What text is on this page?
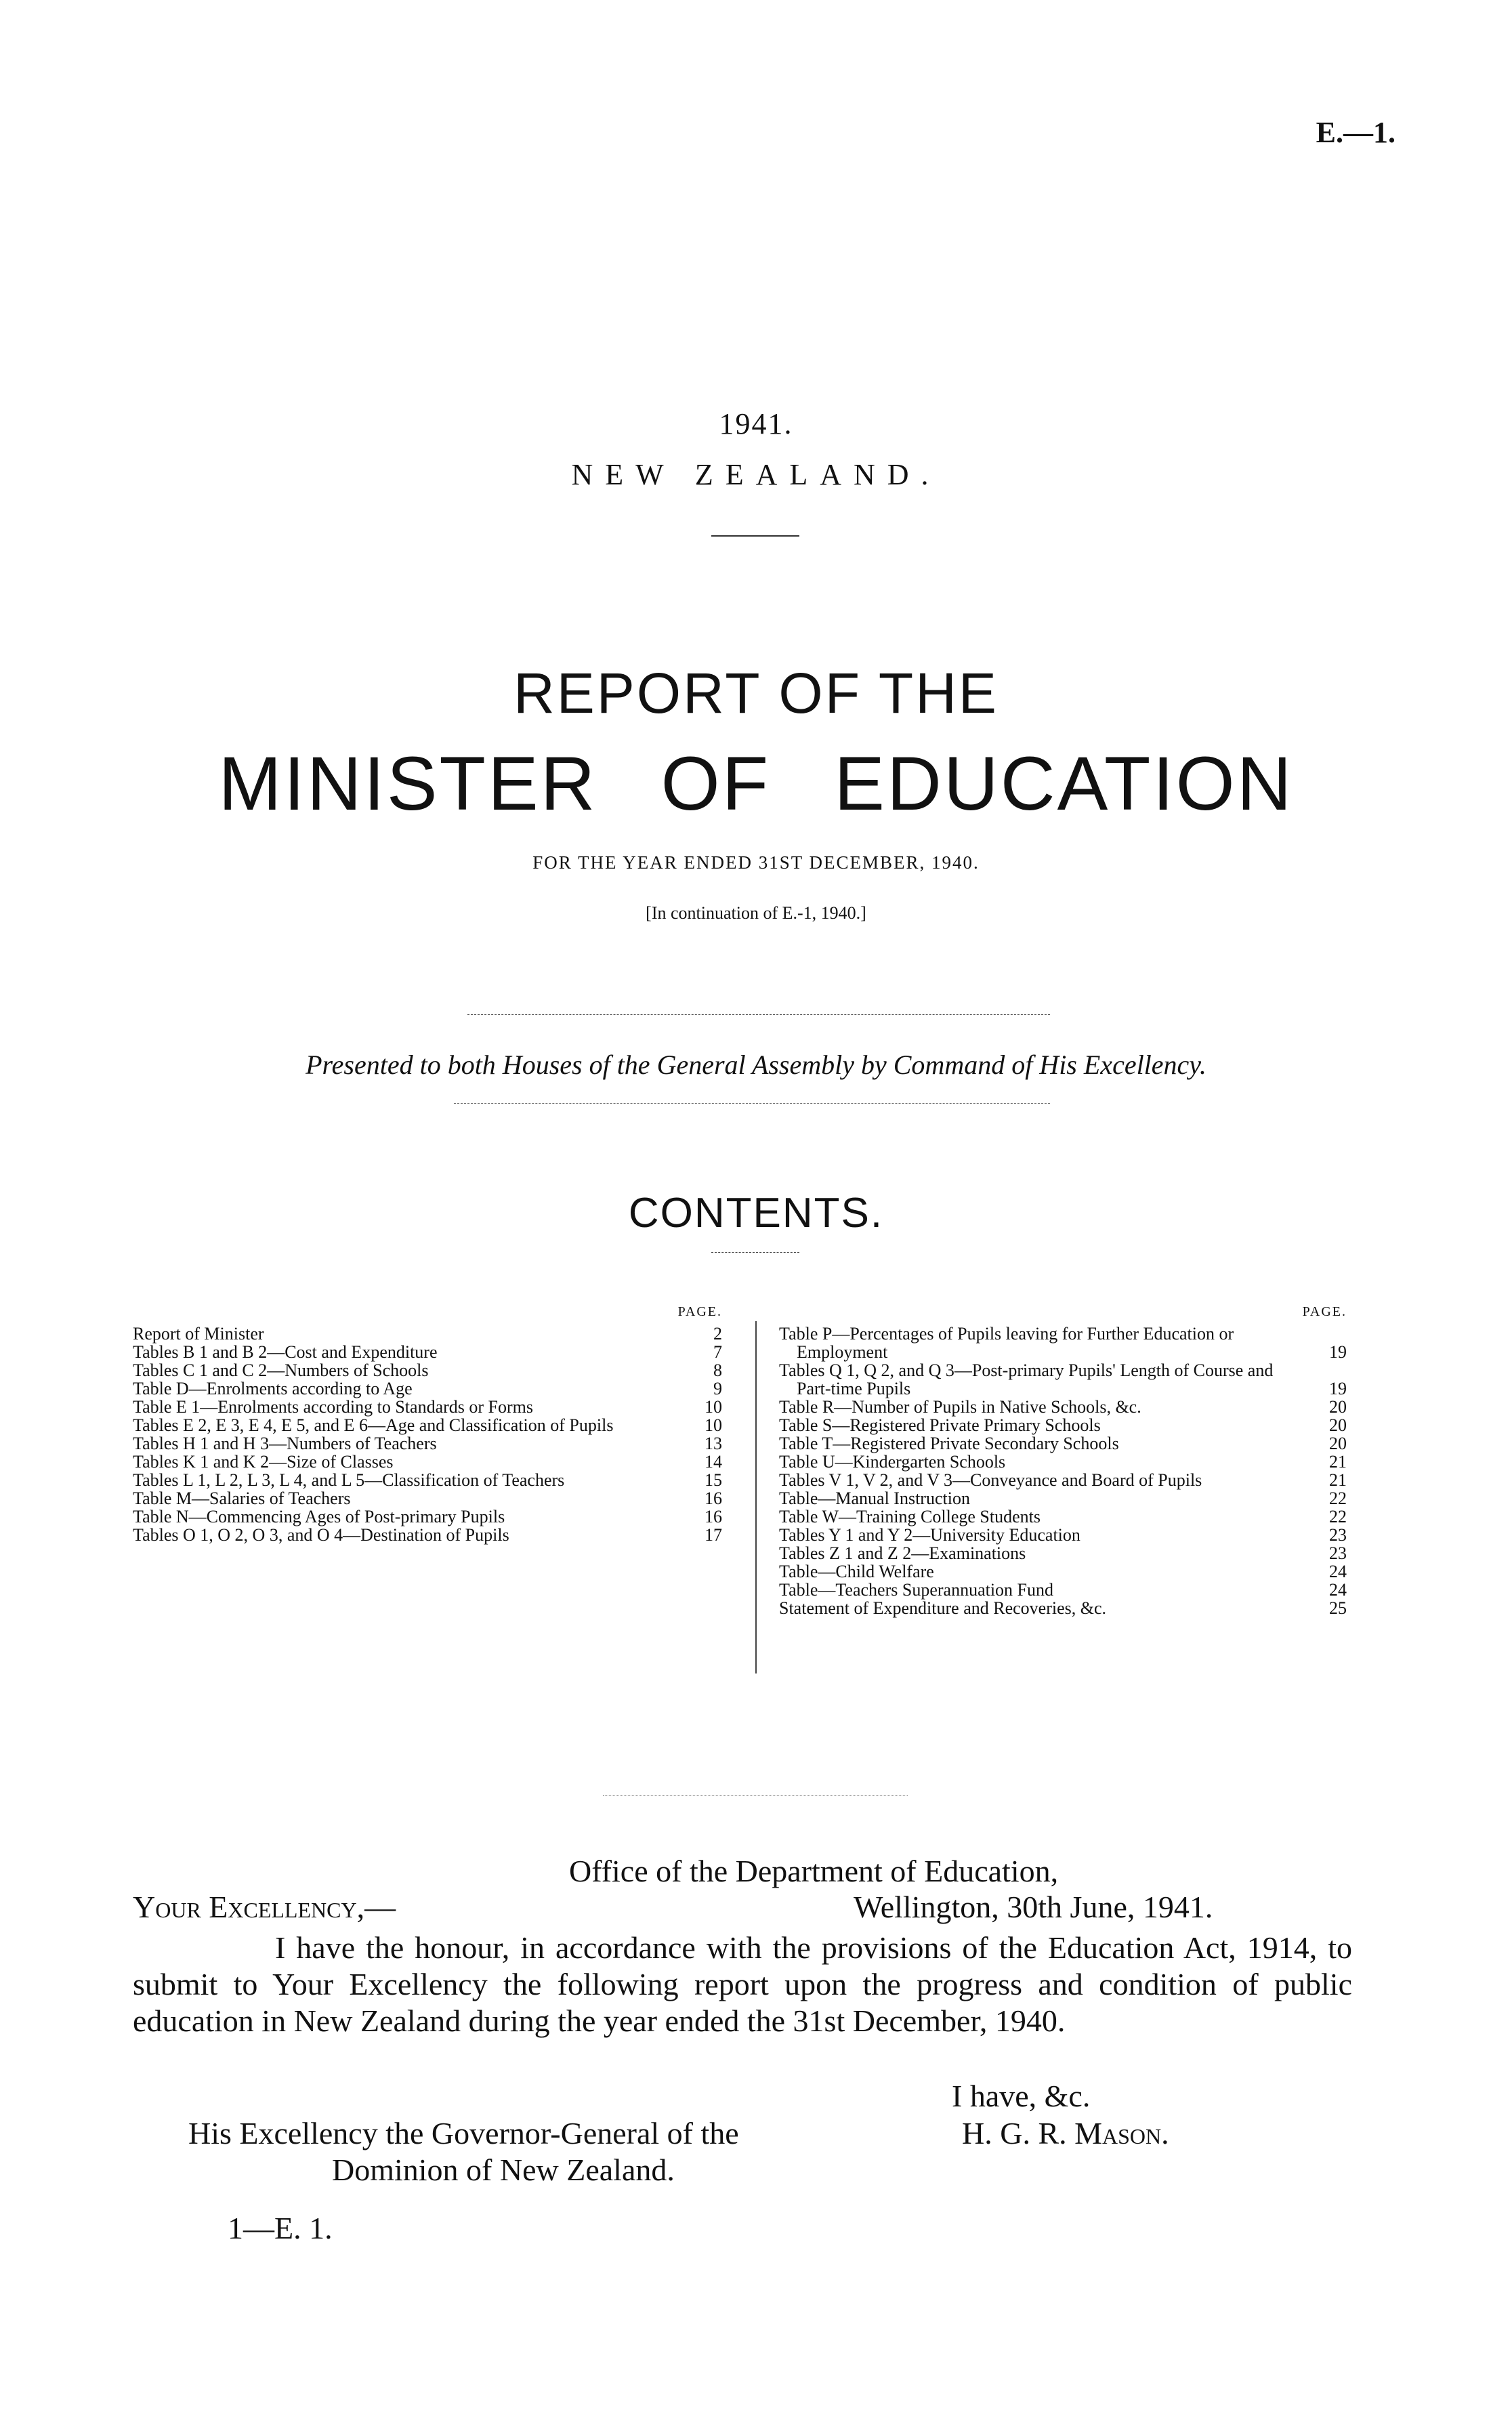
E.—1.
1941.
NEW ZEALAND.
REPORT OF THE
MINISTER OF EDUCATION
FOR THE YEAR ENDED 31ST DECEMBER, 1940.
[In continuation of E.-1, 1940.]
Presented to both Houses of the General Assembly by Command of His Excellency.
CONTENTS.
PAGE.
Report of Minister	2
Tables B 1 and B 2—Cost and Expenditure	7
Tables C 1 and C 2—Numbers of Schools	8
Table D—Enrolments according to Age	9
Table E 1—Enrolments according to Standards or Forms	10
Tables E 2, E 3, E 4, E 5, and E 6—Age and Classification of Pupils	10
Tables H 1 and H 3—Numbers of Teachers	13
Tables K 1 and K 2—Size of Classes	14
Tables L 1, L 2, L 3, L 4, and L 5—Classification of Teachers	15
Table M—Salaries of Teachers	16
Table N—Commencing Ages of Post-primary Pupils	16
Tables O 1, O 2, O 3, and O 4—Destination of Pupils	17
PAGE.
Table P—Percentages of Pupils leaving for Further Education or Employment	19
Tables Q 1, Q 2, and Q 3—Post-primary Pupils' Length of Course and Part-time Pupils	19
Table R—Number of Pupils in Native Schools, &c.	20
Table S—Registered Private Primary Schools	20
Table T—Registered Private Secondary Schools	20
Table U—Kindergarten Schools	21
Tables V 1, V 2, and V 3—Conveyance and Board of Pupils	21
Table—Manual Instruction	22
Table W—Training College Students	22
Tables Y 1 and Y 2—University Education	23
Tables Z 1 and Z 2—Examinations	23
Table—Child Welfare	24
Table—Teachers Superannuation Fund	24
Statement of Expenditure and Recoveries, &c.	25
Office of the Department of Education,
Your Excellency,—	Wellington, 30th June, 1941.
I have the honour, in accordance with the provisions of the Education Act, 1914, to submit to Your Excellency the following report upon the progress and condition of public education in New Zealand during the year ended the 31st December, 1940.
I have, &c.
His Excellency the Governor-General of the	H. G. R. Mason.
Dominion of New Zealand.
1—E. 1.
